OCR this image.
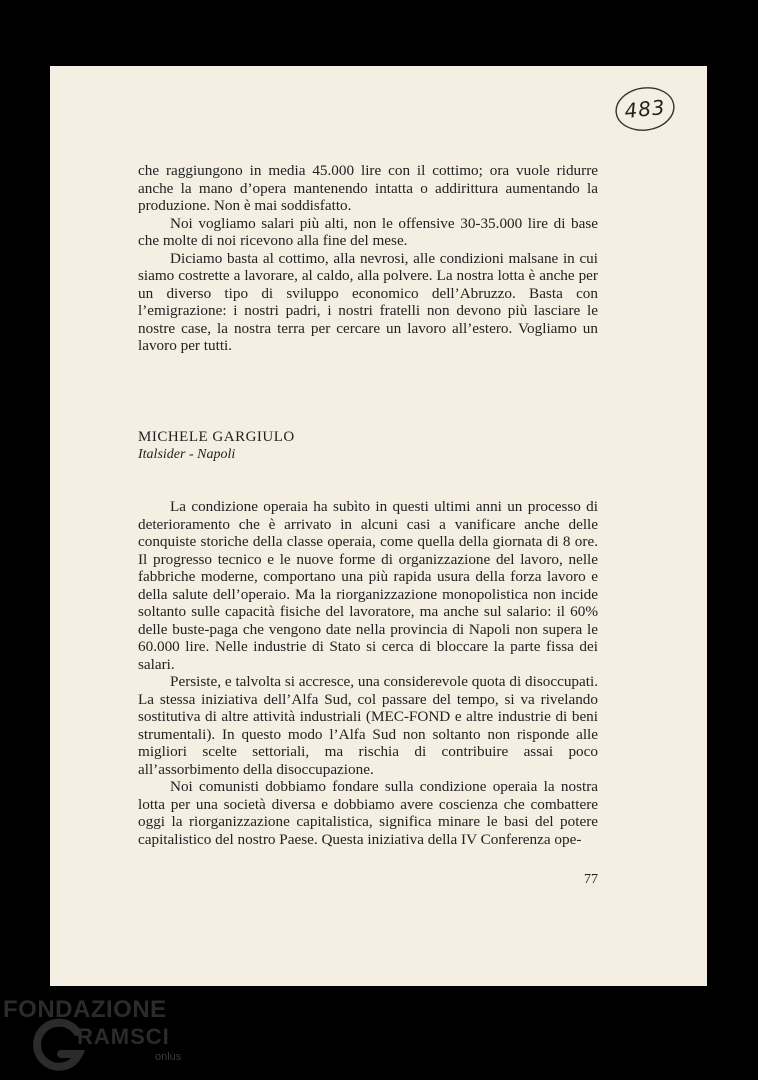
483

che raggiungono in media 45.000 lire con il cottimo; ora vuole ridurre anche la mano d’opera mantenendo intatta o addirittura aumentando la produzione. Non è mai soddisfatto.

Noi vogliamo salari più alti, non le offensive 30-35.000 lire di base che molte di noi ricevono alla fine del mese.

Diciamo basta al cottimo, alla nevrosi, alle condizioni malsane in cui siamo costrette a lavorare, al caldo, alla polvere. La nostra lotta è anche per un diverso tipo di sviluppo economico dell’Abruzzo. Basta con l’emigrazione: i nostri padri, i nostri fratelli non devono più lasciare le nostre case, la nostra terra per cercare un lavoro all’estero. Vogliamo un lavoro per tutti.

MICHELE GARGIULO
Italsider - Napoli

La condizione operaia ha subìto in questi ultimi anni un processo di deterioramento che è arrivato in alcuni casi a vanificare anche delle conquiste storiche della classe operaia, come quella della giornata di 8 ore. Il progresso tecnico e le nuove forme di organizzazione del lavoro, nelle fabbriche moderne, comportano una più rapida usura della forza lavoro e della salute dell’operaio. Ma la riorganizzazione monopolistica non incide soltanto sulle capacità fisiche del lavoratore, ma anche sul salario: il 60% delle buste-paga che vengono date nella provincia di Napoli non supera le 60.000 lire. Nelle industrie di Stato si cerca di bloccare la parte fissa dei salari.

Persiste, e talvolta si accresce, una considerevole quota di disoccupati. La stessa iniziativa dell’Alfa Sud, col passare del tempo, si va rivelando sostitutiva di altre attività industriali (MEC-FOND e altre industrie di beni strumentali). In questo modo l’Alfa Sud non soltanto non risponde alle migliori scelte settoriali, ma rischia di contribuire assai poco all’assorbimento della disoccupazione.

Noi comunisti dobbiamo fondare sulla condizione operaia la nostra lotta per una società diversa e dobbiamo avere coscienza che combattere oggi la riorganizzazione capitalistica, significa minare le basi del potere capitalistico del nostro Paese. Questa iniziativa della IV Conferenza ope-

77
FONDAZIONE
RAMSCI
onlus
